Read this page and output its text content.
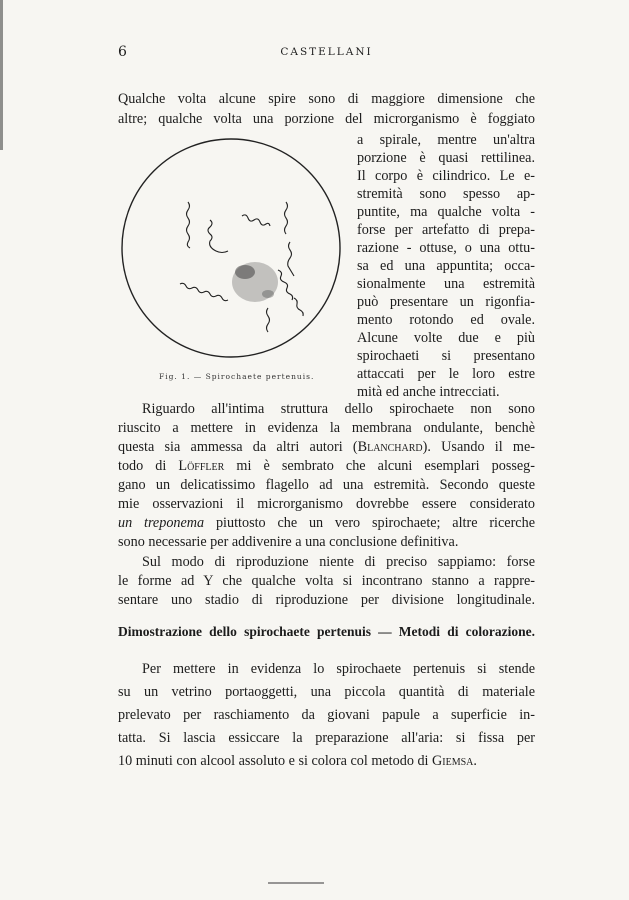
6	CASTELLANI
Qualche volta alcune spire sono di maggiore dimensione che
altre; qualche volta una porzione del microrganismo è foggiato
a spirale, mentre un'altra
porzione è quasi rettilinea.
Il corpo è cilindrico. Le e-
stremità sono spesso ap-
puntite, ma qualche volta -
forse per artefatto di prepa-
razione - ottuse, o una ottu-
sa ed una appuntita; occa-
sionalmente una estremità
può presentare un rigonfia-
mento rotondo ed ovale.
Alcune volte due e più
spirochaeti si presentano
attaccati per le loro estre
mità ed anche intrecciati.
Fig. 1. — Spirochaete pertenuis.
Riguardo all'intima struttura dello spirochaete non sono
riuscito a mettere in evidenza la membrana ondulante, benchè
questa sia ammessa da altri autori (Blanchard). Usando il me-
todo di Löffler mi è sembrato che alcuni esemplari posseg-
gano un delicatissimo flagello ad una estremità. Secondo queste
mie osservazioni il microrganismo dovrebbe essere considerato
un treponema piuttosto che un vero spirochaete; altre ricerche
sono necessarie per addivenire a una conclusione definitiva.
Sul modo di riproduzione niente di preciso sappiamo: forse
le forme ad Y che qualche volta si incontrano stanno a rappre-
sentare uno stadio di riproduzione per divisione longitudinale.
Dimostrazione dello spirochaete pertenuis — Metodi di colorazione.
Per mettere in evidenza lo spirochaete pertenuis si stende
su un vetrino portaoggetti, una piccola quantità di materiale
prelevato per raschiamento da giovani papule a superficie in-
tatta. Si lascia essiccare la preparazione all'aria: si fissa per
10 minuti con alcool assoluto e si colora col metodo di Giemsa.
